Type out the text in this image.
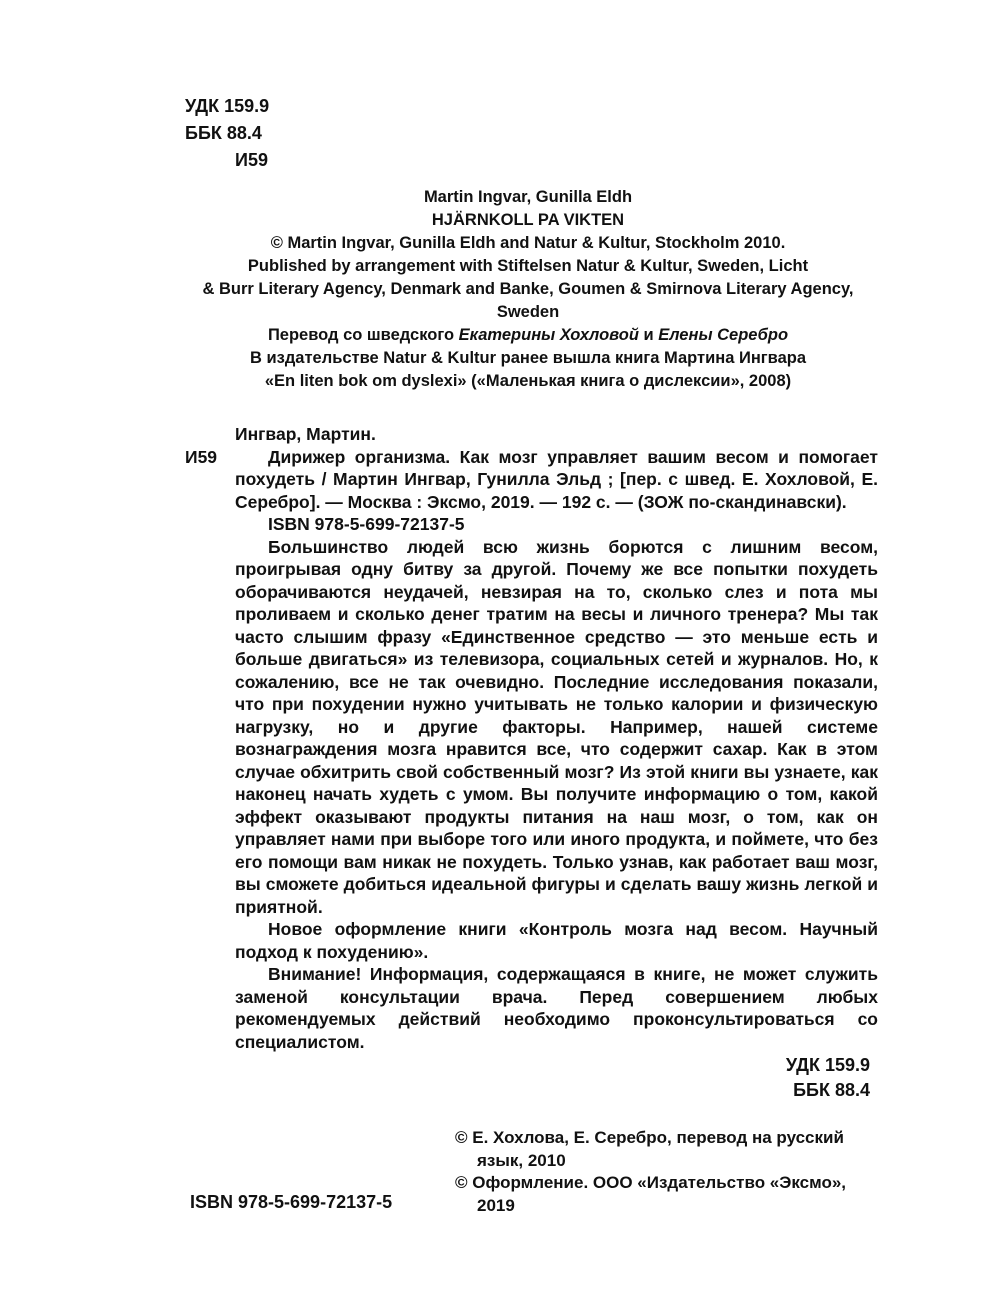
УДК 159.9
ББК 88.4
И59
Martin Ingvar, Gunilla Eldh
HJÄRNKOLL PA VIKTEN
© Martin Ingvar, Gunilla Eldh and Natur & Kultur, Stockholm 2010.
Published by arrangement with Stiftelsen Natur & Kultur, Sweden, Licht
& Burr Literary Agency, Denmark and Banke, Goumen & Smirnova Literary Agency, Sweden
Перевод со шведского Екатерины Хохловой и Елены Серебро
В издательстве Natur & Kultur ранее вышла книга Мартина Ингвара
«En liten bok om dyslexi» («Маленькая книга о дислексии», 2008)
Ингвар, Мартин.
И59	Дирижер организма. Как мозг управляет вашим весом и помогает похудеть / Мартин Ингвар, Гунилла Эльд ; [пер. с швед. Е. Хохловой, Е. Серебро]. — Москва : Эксмо, 2019. — 192 с. — (ЗОЖ по-скандинавски).
ISBN 978-5-699-72137-5

Большинство людей всю жизнь борются с лишним весом, проигрывая одну битву за другой. Почему же все попытки похудеть оборачиваются неудачей, невзирая на то, сколько слез и пота мы проливаем и сколько денег тратим на весы и личного тренера? Мы так часто слышим фразу «Единственное средство — это меньше есть и больше двигаться» из телевизора, социальных сетей и журналов. Но, к сожалению, все не так очевидно. Последние исследования показали, что при похудении нужно учитывать не только калории и физическую нагрузку, но и другие факторы. Например, нашей системе вознаграждения мозга нравится все, что содержит сахар. Как в этом случае обхитрить свой собственный мозг? Из этой книги вы узнаете, как наконец начать худеть с умом. Вы получите информацию о том, какой эффект оказывают продукты питания на наш мозг, о том, как он управляет нами при выборе того или иного продукта, и поймете, что без его помощи вам никак не похудеть. Только узнав, как работает ваш мозг, вы сможете добиться идеальной фигуры и сделать вашу жизнь легкой и приятной.

Новое оформление книги «Контроль мозга над весом. Научный подход к похудению».

Внимание! Информация, содержащаяся в книге, не может служить заменой консультации врача. Перед совершением любых рекомендуемых действий необходимо проконсультироваться со специалистом.

УДК 159.9
ББК 88.4
ISBN 978-5-699-72137-5
© Е. Хохлова, Е. Серебро, перевод на русский язык, 2010
© Оформление. ООО «Издательство «Эксмо», 2019
